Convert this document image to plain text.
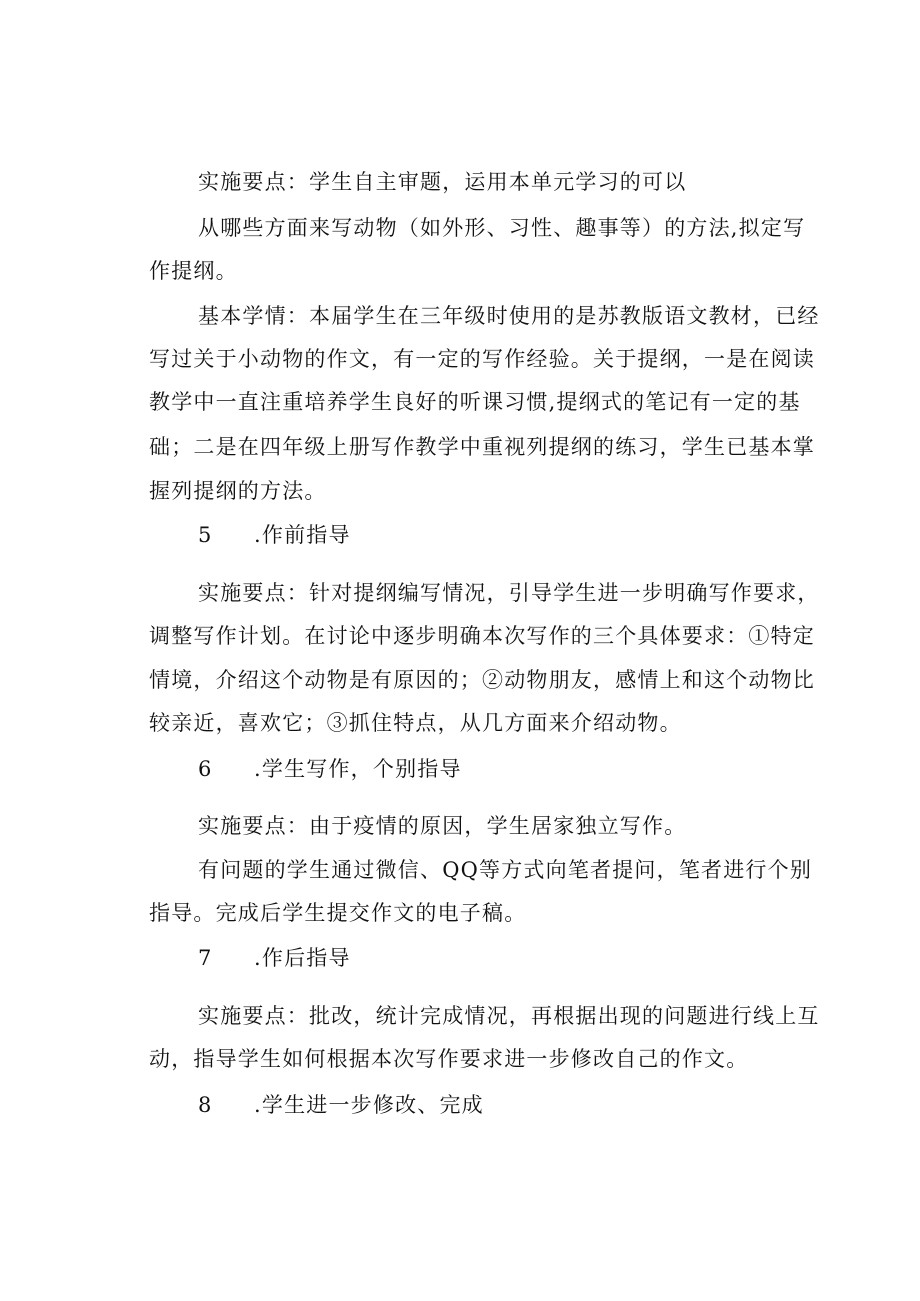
实施要点：学生自主审题，运用本单元学习的可以
从哪些方面来写动物（如外形、习性、趣事等）的方法,拟定写
作提纲。
基本学情：本届学生在三年级时使用的是苏教版语文教材，已经
写过关于小动物的作文，有一定的写作经验。关于提纲，一是在阅读
教学中一直注重培养学生良好的听课习惯,提纲式的笔记有一定的基
础；二是在四年级上册写作教学中重视列提纲的练习，学生已基本掌
握列提纲的方法。
5 .作前指导
实施要点：针对提纲编写情况，引导学生进一步明确写作要求，
调整写作计划。在讨论中逐步明确本次写作的三个具体要求：①特定
情境，介绍这个动物是有原因的；②动物朋友，感情上和这个动物比
较亲近，喜欢它；③抓住特点，从几方面来介绍动物。
6 .学生写作，个别指导
实施要点：由于疫情的原因，学生居家独立写作。
有问题的学生通过微信、QQ等方式向笔者提问，笔者进行个别
指导。完成后学生提交作文的电子稿。
7 .作后指导
实施要点：批改，统计完成情况，再根据出现的问题进行线上互
动，指导学生如何根据本次写作要求进一步修改自己的作文。
8 .学生进一步修改、完成
